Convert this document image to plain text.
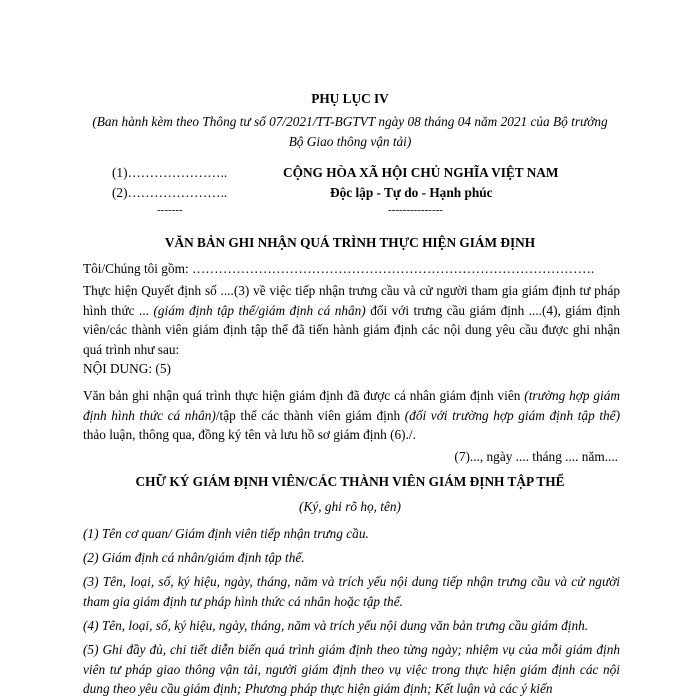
PHỤ LỤC IV
(Ban hành kèm theo Thông tư số 07/2021/TT-BGTVT ngày 08 tháng 04 năm 2021 của Bộ trưởng
Bộ Giao thông vận tải)
(1)…………………..
(2)…………………..
-------
CỘNG HÒA XÃ HỘI CHỦ NGHĨA VIỆT NAM
Độc lập - Tự do - Hạnh phúc
---------------
VĂN BẢN GHI NHẬN QUÁ TRÌNH THỰC HIỆN GIÁM ĐỊNH
Tôi/Chúng tôi gồm: ……………………………………………………………………………….
Thực hiện Quyết định số ....(3) về việc tiếp nhận trưng cầu và cử người tham gia giám định tư pháp hình thức ... (giám định tập thể/giám định cá nhân) đối với trưng cầu giám định ....(4), giám định viên/các thành viên giám định tập thể đã tiến hành giám định các nội dung yêu cầu được ghi nhận quá trình như sau:
NỘI DUNG: (5)
Văn bản ghi nhận quá trình thực hiện giám định đã được cá nhân giám định viên (trường hợp giám định hình thức cá nhân)/tập thể các thành viên giám định (đối với trường hợp giám định tập thể) thảo luận, thông qua, đồng ký tên và lưu hồ sơ giám định (6)./.
(7)..., ngày .... tháng .... năm....
CHỮ KÝ GIÁM ĐỊNH VIÊN/CÁC THÀNH VIÊN GIÁM ĐỊNH TẬP THỂ
(Ký, ghi rõ họ, tên)
(1) Tên cơ quan/ Giám định viên tiếp nhận trưng cầu.
(2) Giám định cá nhân/giám định tập thể.
(3) Tên, loại, số, ký hiệu, ngày, tháng, năm và trích yếu nội dung tiếp nhận trưng cầu và cử người tham gia giám định tư pháp hình thức cá nhân hoặc tập thể.
(4) Tên, loại, số, ký hiệu, ngày, tháng, năm và trích yếu nội dung văn bản trưng cầu giám định.
(5) Ghi đầy đủ, chi tiết diễn biến quá trình giám định theo từng ngày; nhiệm vụ của mỗi giám định viên tư pháp giao thông vận tải, người giám định theo vụ việc trong thực hiện giám định các nội dung theo yêu cầu giám định; Phương pháp thực hiện giám định; Kết luận và các ý kiến
